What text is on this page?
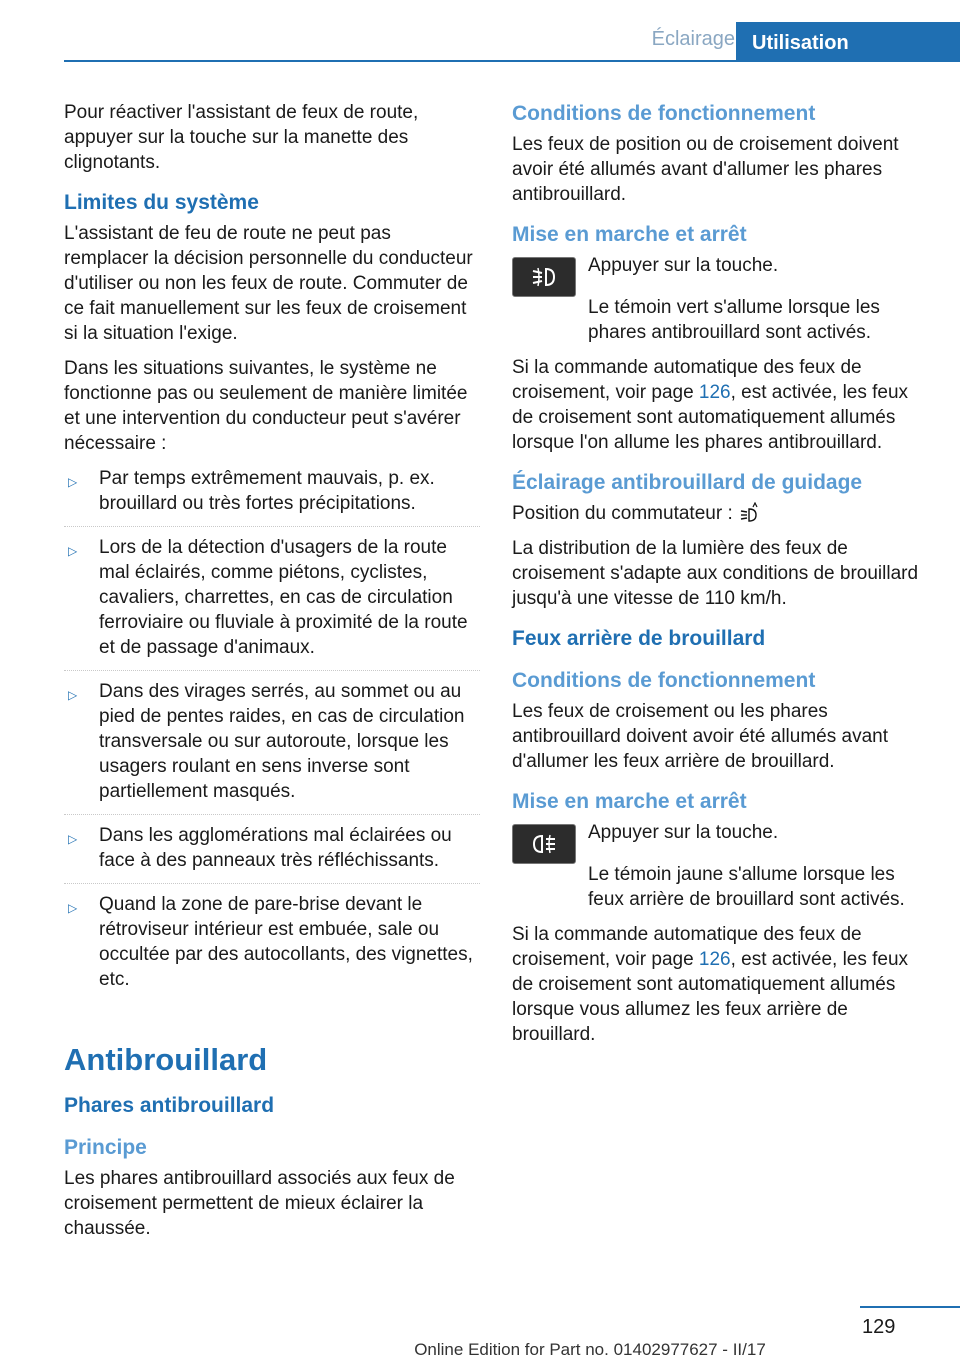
Éclairage Utilisation

Pour réactiver l'assistant de feux de route, appuyer sur la touche sur la manette des clignotants.

Limites du système

L'assistant de feu de route ne peut pas remplacer la décision personnelle du conducteur d'utiliser ou non les feux de route. Commuter de ce fait manuellement sur les feux de croisement si la situation l'exige.

Dans les situations suivantes, le système ne fonctionne pas ou seulement de manière limitée et une intervention du conducteur peut s'avérer nécessaire :

▷ Par temps extrêmement mauvais, p. ex. brouillard ou très fortes précipitations.
▷ Lors de la détection d'usagers de la route mal éclairés, comme piétons, cyclistes, cavaliers, charrettes, en cas de circulation ferroviaire ou fluviale à proximité de la route et de passage d'animaux.
▷ Dans des virages serrés, au sommet ou au pied de pentes raides, en cas de circulation transversale ou sur autoroute, lorsque les usagers roulant en sens inverse sont partiellement masqués.
▷ Dans les agglomérations mal éclairées ou face à des panneaux très réfléchissants.
▷ Quand la zone de pare-brise devant le rétroviseur intérieur est embuée, sale ou occultée par des autocollants, des vignettes, etc.
Antibrouillard
Phares antibrouillard
Principe

Les phares antibrouillard associés aux feux de croisement permettent de mieux éclairer la chaussée.

Conditions de fonctionnement

Les feux de position ou de croisement doivent avoir été allumés avant d'allumer les phares antibrouillard.

Mise en marche et arrêt

Appuyer sur la touche.

Le témoin vert s'allume lorsque les phares antibrouillard sont activés.

Si la commande automatique des feux de croisement, voir page 126, est activée, les feux de croisement sont automatiquement allumés lorsque l'on allume les phares antibrouillard.

Éclairage antibrouillard de guidage

Position du commutateur :

La distribution de la lumière des feux de croisement s'adapte aux conditions de brouillard jusqu'à une vitesse de 110 km/h.

Feux arrière de brouillard
Conditions de fonctionnement

Les feux de croisement ou les phares antibrouillard doivent avoir été allumés avant d'allumer les feux arrière de brouillard.

Mise en marche et arrêt

Appuyer sur la touche.

Le témoin jaune s'allume lorsque les feux arrière de brouillard sont activés.

Si la commande automatique des feux de croisement, voir page 126, est activée, les feux de croisement sont automatiquement allumés lorsque vous allumez les feux arrière de brouillard.

129
Online Edition for Part no. 01402977627 - II/17
